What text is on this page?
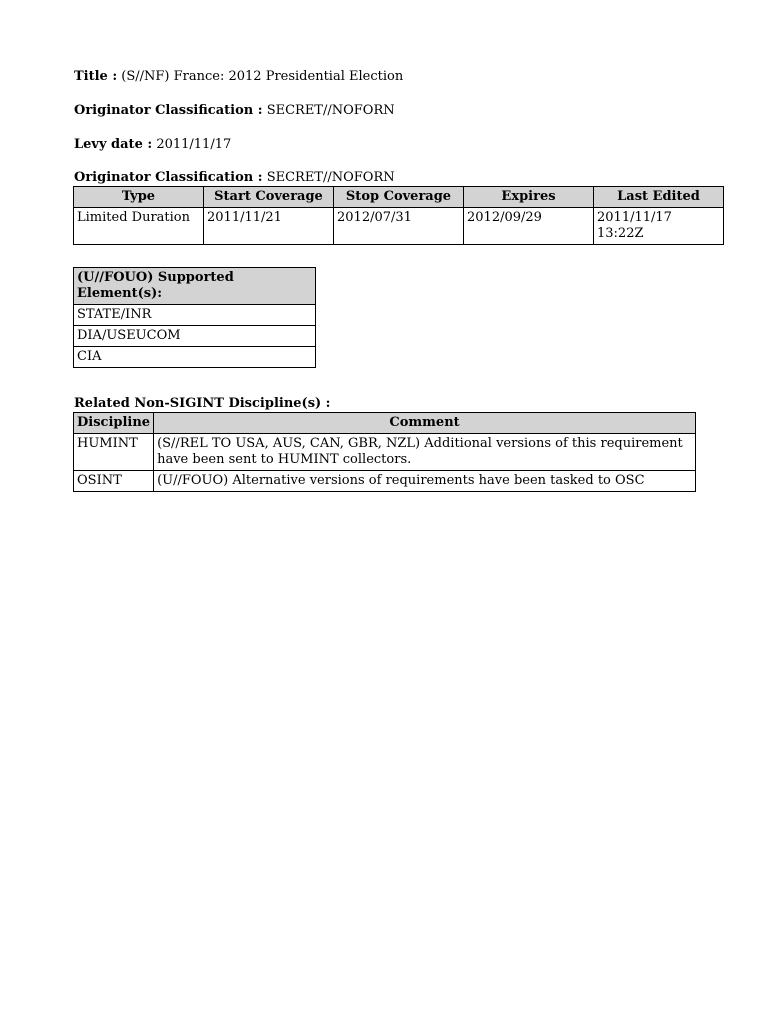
Title : (S//NF) France: 2012 Presidential Election
Originator Classification : SECRET//NOFORN
Levy date : 2011/11/17
Originator Classification : SECRET//NOFORN
Type	Start Coverage	Stop Coverage	Expires	Last Edited
Limited Duration	2011/11/21	2012/07/31	2012/09/29	2011/11/17 13:22Z
(U//FOUO) Supported Element(s):
STATE/INR
DIA/USEUCOM
CIA
Related Non-SIGINT Discipline(s) :
Discipline	Comment
HUMINT	(S//REL TO USA, AUS, CAN, GBR, NZL) Additional versions of this requirement have been sent to HUMINT collectors.
OSINT	(U//FOUO) Alternative versions of requirements have been tasked to OSC
